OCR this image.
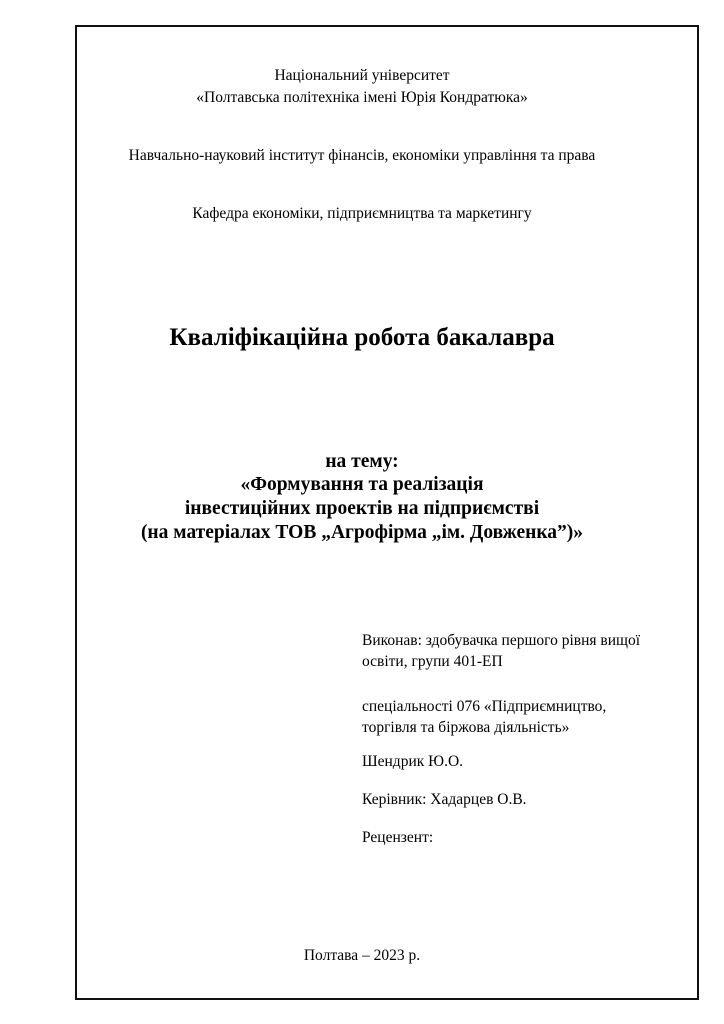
Національний університет
«Полтавська політехніка імені Юрія Кондратюка»
Навчально-науковий інститут фінансів, економіки управління та права
Кафедра економіки, підприємництва та маркетингу
Кваліфікаційна робота бакалавра
на тему:
«Формування та реалізація
інвестиційних проектів на підприємстві
(на матеріалах ТОВ „Агрофірма „ім. Довженка”)»
Виконав: здобувачка першого рівня вищої
освіти, групи 401-ЕП
спеціальності 076 «Підприємництво,
торгівля та біржова діяльність»
Шендрик Ю.О.
Керівник: Хадарцев О.В.
Рецензент:
Полтава – 2023 р.
